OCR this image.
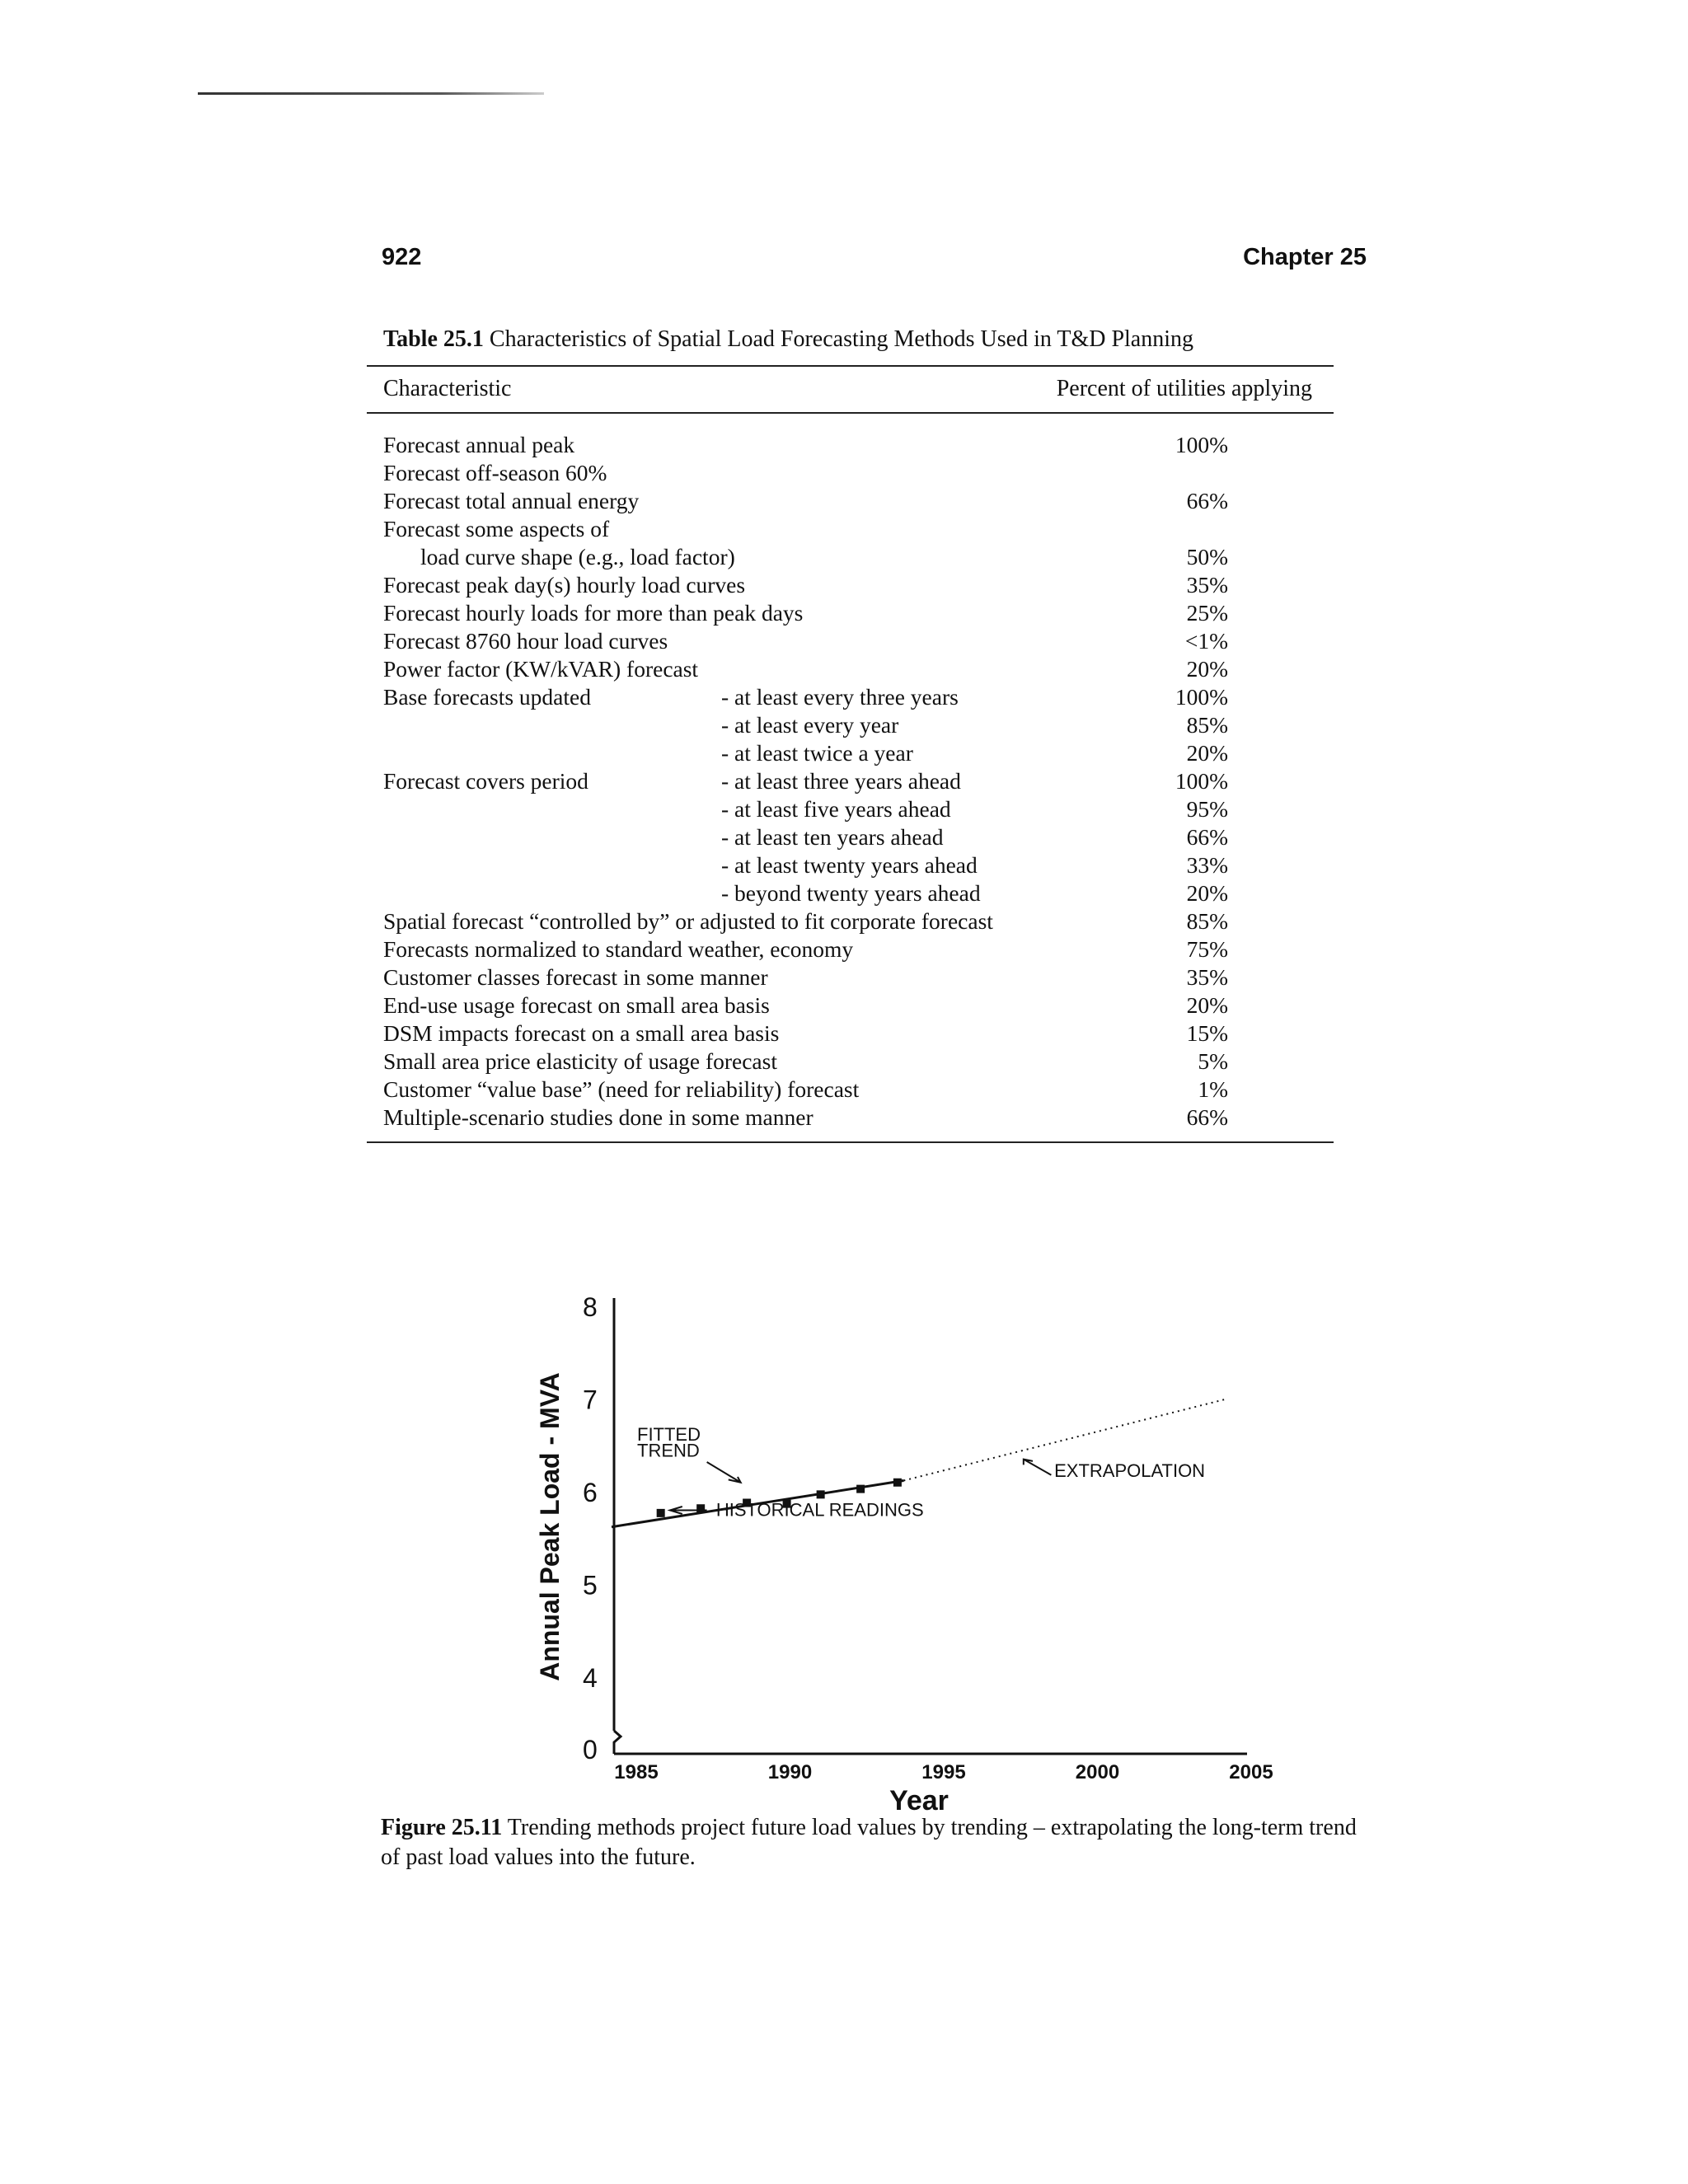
922	Chapter 25
Table 25.1 Characteristics of Spatial Load Forecasting Methods Used in T&D Planning
Characteristic	Percent of utilities applying
Forecast annual peak	100%
Forecast off-season 60%
Forecast total annual energy	66%
Forecast some aspects of
load curve shape (e.g., load factor)	50%
Forecast peak day(s) hourly load curves	35%
Forecast hourly loads for more than peak days	25%
Forecast 8760 hour load curves	<1%
Power factor (KW/kVAR) forecast	20%
Base forecasts updated	- at least every three years	100%
- at least every year	85%
- at least twice a year	20%
Forecast covers period	- at least three years ahead	100%
- at least five years ahead	95%
- at least ten years ahead	66%
- at least twenty years ahead	33%
- beyond twenty years ahead	20%
Spatial forecast “controlled by” or adjusted to fit corporate forecast	85%
Forecasts normalized to standard weather, economy	75%
Customer classes forecast in some manner	35%
End-use usage forecast on small area basis	20%
DSM impacts forecast on a small area basis	15%
Small area price elasticity of usage forecast	5%
Customer “value base” (need for reliability) forecast	1%
Multiple-scenario studies done in some manner	66%
0
4
5
6
7
8
1985	1990	1995	2000	2005
Year
Annual Peak Load - MVA	FITTED
TREND
HISTORICAL READINGS
EXTRAPOLATION
Figure 25.11 Trending methods project future load values by trending – extrapolating the long-term trend of past load values into the future.
